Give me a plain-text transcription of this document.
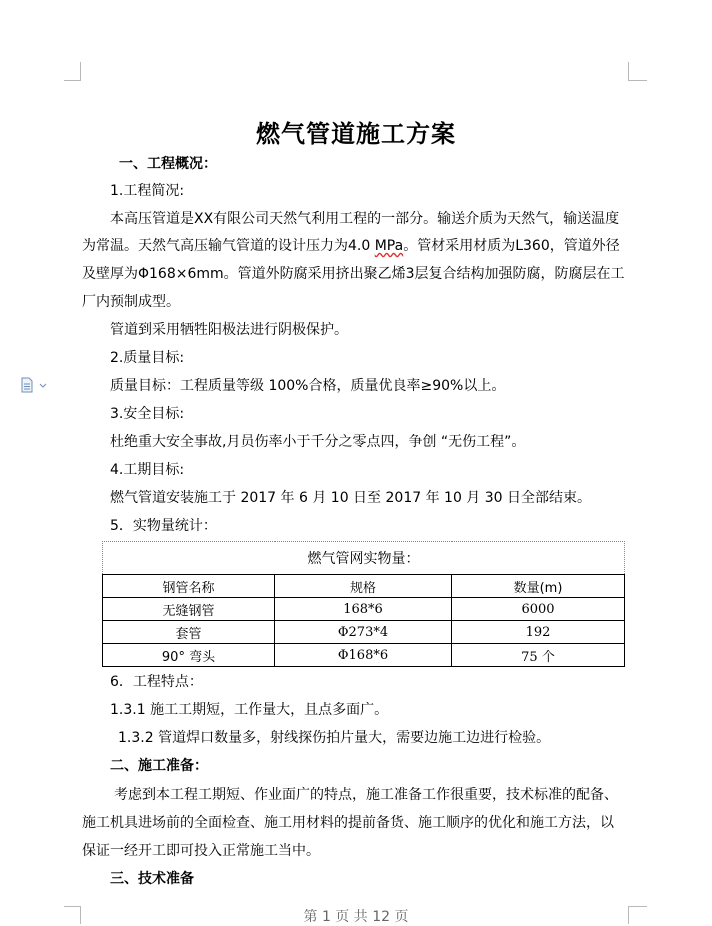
燃气管道施工方案
一、工程概况：
1.工程简况:
本高压管道是XX有限公司天然气利用工程的一部分。输送介质为天然气，输送温度
为常温。天然气高压输气管道的设计压力为4.0 MPa。管材采用材质为L360，管道外径
及壁厚为Φ168×6mm。管道外防腐采用挤出聚乙烯3层复合结构加强防腐，防腐层在工
厂内预制成型。
管道到采用牺牲阳极法进行阴极保护。
2.质量目标:
质量目标：工程质量等级 100%合格，质量优良率≥90%以上。
3.安全目标:
杜绝重大安全事故,月员伤率小于千分之零点四，争创 “无伤工程”。
4.工期目标:
燃气管道安装施工于 2017 年 6 月 10 日至 2017 年 10 月 30 日全部结束。
5．实物量统计：
燃气管网实物量：		
钢管名称	规格	数量(m)
无缝钢管	168*6	6000
套管	Φ273*4	192
90° 弯头	Φ168*6	75 个
6．工程特点：
1.3.1 施工工期短，工作量大，且点多面广。
1.3.2 管道焊口数量多，射线探伤拍片量大，需要边施工边进行检验。
二、施工准备：
考虑到本工程工期短、作业面广的特点，施工准备工作很重要，技术标准的配备、
施工机具进场前的全面检查、施工用材料的提前备货、施工顺序的优化和施工方法，以
保证一经开工即可投入正常施工当中。
三、技术准备
第 1 页 共 12 页
